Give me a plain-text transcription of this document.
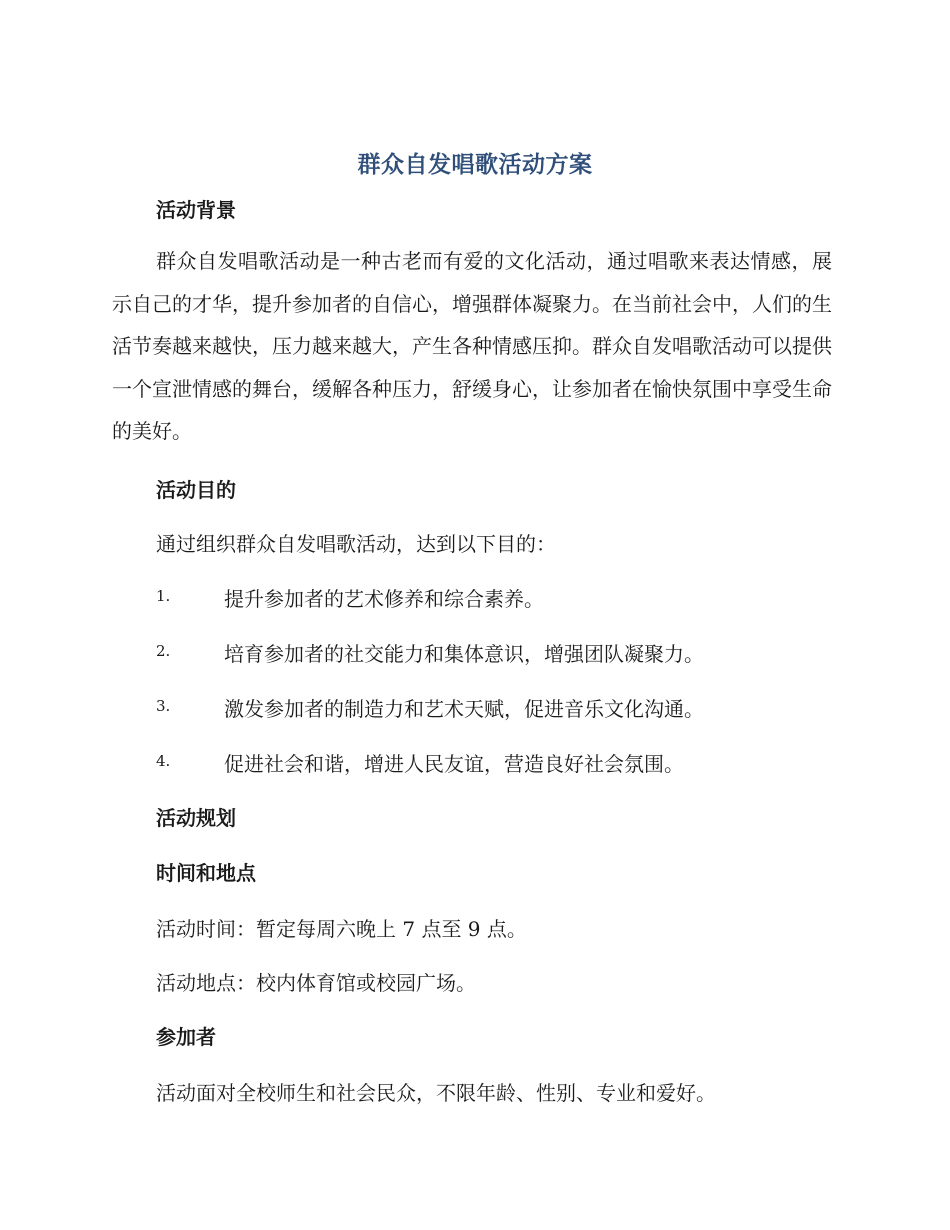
群众自发唱歌活动方案
活动背景
群众自发唱歌活动是一种古老而有爱的文化活动，通过唱歌来表达情感，展示自己的才华，提升参加者的自信心，增强群体凝聚力。在当前社会中，人们的生活节奏越来越快，压力越来越大，产生各种情感压抑。群众自发唱歌活动可以提供一个宣泄情感的舞台，缓解各种压力，舒缓身心，让参加者在愉快氛围中享受生命的美好。
活动目的
通过组织群众自发唱歌活动，达到以下目的：
1.	提升参加者的艺术修养和综合素养。
2.	培育参加者的社交能力和集体意识，增强团队凝聚力。
3.	激发参加者的制造力和艺术天赋，促进音乐文化沟通。
4.	促进社会和谐，增进人民友谊，营造良好社会氛围。
活动规划
时间和地点
活动时间：暂定每周六晚上 7 点至 9 点。
活动地点：校内体育馆或校园广场。
参加者
活动面对全校师生和社会民众，不限年龄、性别、专业和爱好。
